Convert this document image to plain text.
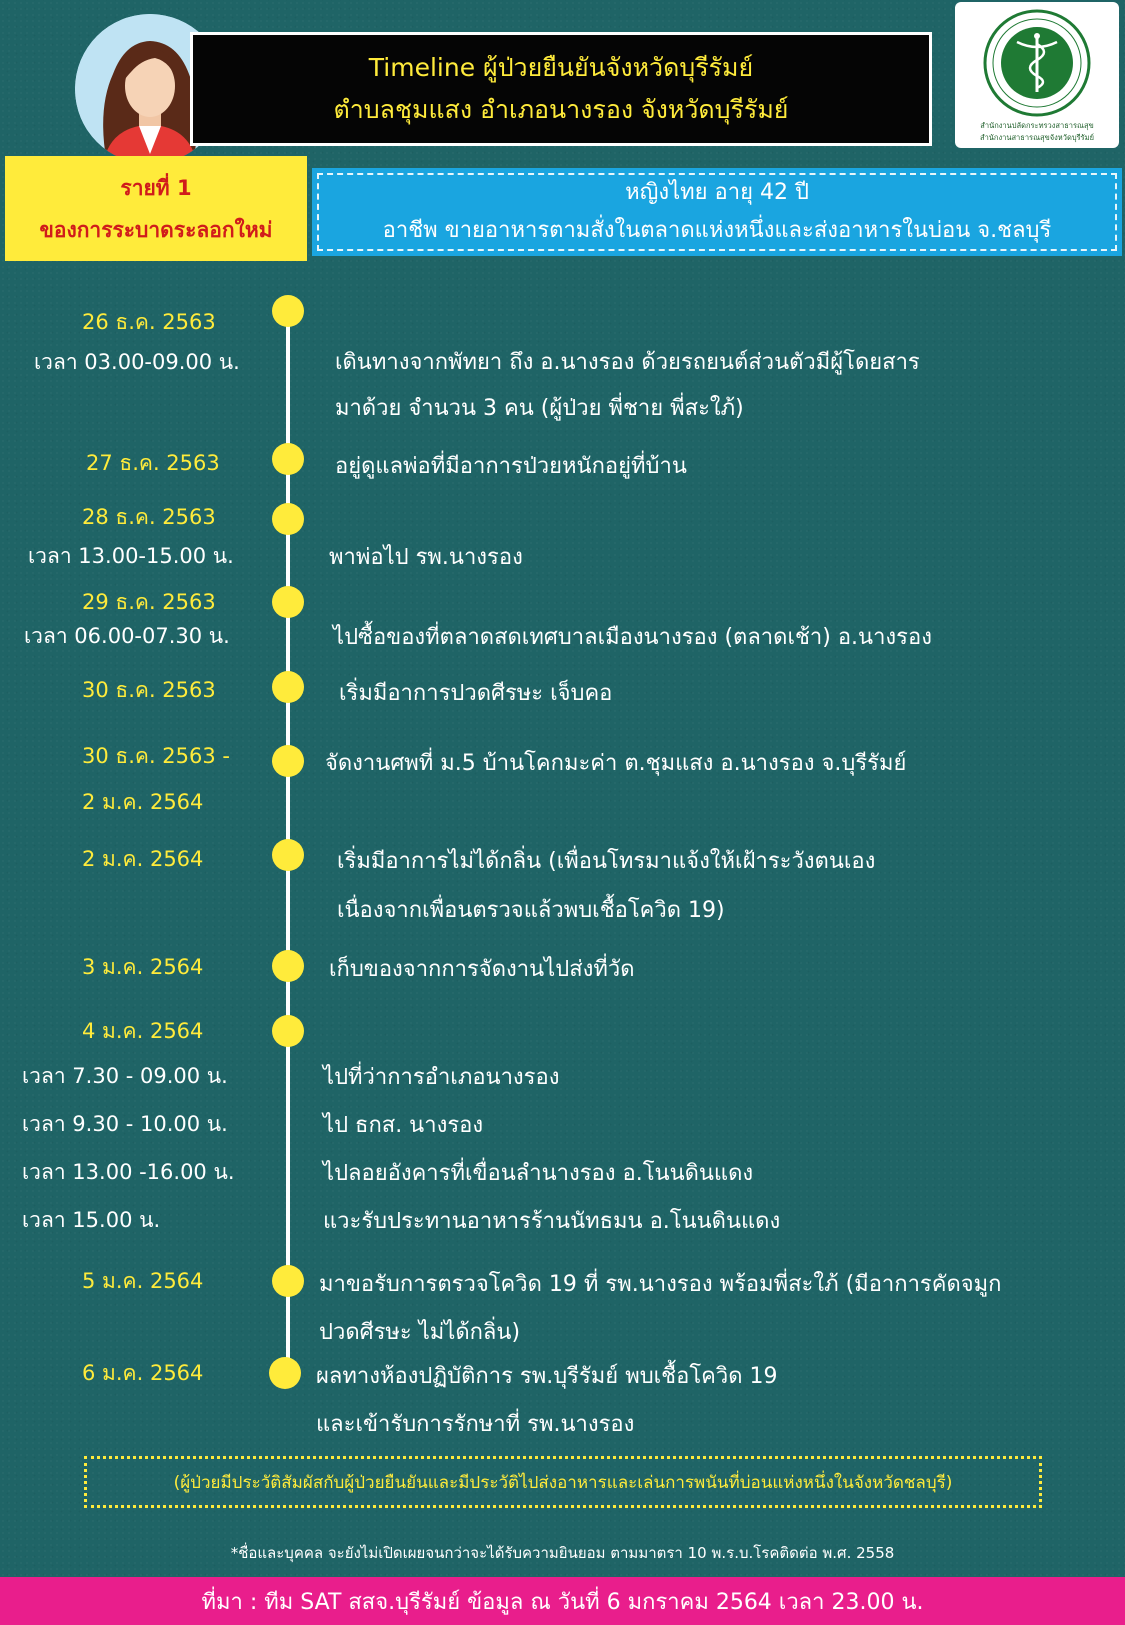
Timeline ผู้ป่วยยืนยันจังหวัดบุรีรัมย์
ตำบลชุมแสง อำเภอนางรอง จังหวัดบุรีรัมย์
สำนักงานปลัดกระทรวงสาธารณสุข
สำนักงานสาธารณสุขจังหวัดบุรีรัมย์
รายที่ 1
ของการระบาดระลอกใหม่
หญิงไทย อายุ 42 ปี
อาชีพ ขายอาหารตามสั่งในตลาดแห่งหนึ่งและส่งอาหารในบ่อน จ.ชลบุรี
26 ธ.ค. 2563
เวลา 03.00-09.00 น.	เดินทางจากพัทยา ถึง อ.นางรอง ด้วยรถยนต์ส่วนตัวมีผู้โดยสาร
มาด้วย จำนวน 3 คน (ผู้ป่วย พี่ชาย พี่สะใภ้)
27 ธ.ค. 2563	อยู่ดูแลพ่อที่มีอาการป่วยหนักอยู่ที่บ้าน
28 ธ.ค. 2563
เวลา 13.00-15.00 น.	พาพ่อไป รพ.นางรอง
29 ธ.ค. 2563
เวลา 06.00-07.30 น.	ไปซื้อของที่ตลาดสดเทศบาลเมืองนางรอง (ตลาดเช้า) อ.นางรอง
30 ธ.ค. 2563	เริ่มมีอาการปวดศีรษะ เจ็บคอ
30 ธ.ค. 2563 -
2 ม.ค. 2564
จัดงานศพที่ ม.5 บ้านโคกมะค่า ต.ชุมแสง อ.นางรอง จ.บุรีรัมย์
2 ม.ค. 2564	เริ่มมีอาการไม่ได้กลิ่น (เพื่อนโทรมาแจ้งให้เฝ้าระวังตนเอง
เนื่องจากเพื่อนตรวจแล้วพบเชื้อโควิด 19)
3 ม.ค. 2564	เก็บของจากการจัดงานไปส่งที่วัด
4 ม.ค. 2564
เวลา 7.30 - 09.00 น.	ไปที่ว่าการอำเภอนางรอง
เวลา 9.30 - 10.00 น.	ไป ธกส. นางรอง
เวลา 13.00 -16.00 น.	ไปลอยอังคารที่เขื่อนลำนางรอง อ.โนนดินแดง
เวลา 15.00 น.	แวะรับประทานอาหารร้านนัทธมน อ.โนนดินแดง
5 ม.ค. 2564	มาขอรับการตรวจโควิด 19 ที่ รพ.นางรอง พร้อมพี่สะใภ้ (มีอาการคัดจมูก
ปวดศีรษะ ไม่ได้กลิ่น)
6 ม.ค. 2564	ผลทางห้องปฏิบัติการ รพ.บุรีรัมย์ พบเชื้อโควิด 19
และเข้ารับการรักษาที่ รพ.นางรอง
(ผู้ป่วยมีประวัติสัมผัสกับผู้ป่วยยืนยันและมีประวัติไปส่งอาหารและเล่นการพนันที่บ่อนแห่งหนึ่งในจังหวัดชลบุรี)
*ชื่อและบุคคล จะยังไม่เปิดเผยจนกว่าจะได้รับความยินยอม ตามมาตรา 10 พ.ร.บ.โรคติดต่อ พ.ศ. 2558
ที่มา : ทีม SAT สสจ.บุรีรัมย์ ข้อมูล ณ วันที่ 6 มกราคม 2564 เวลา 23.00 น.
